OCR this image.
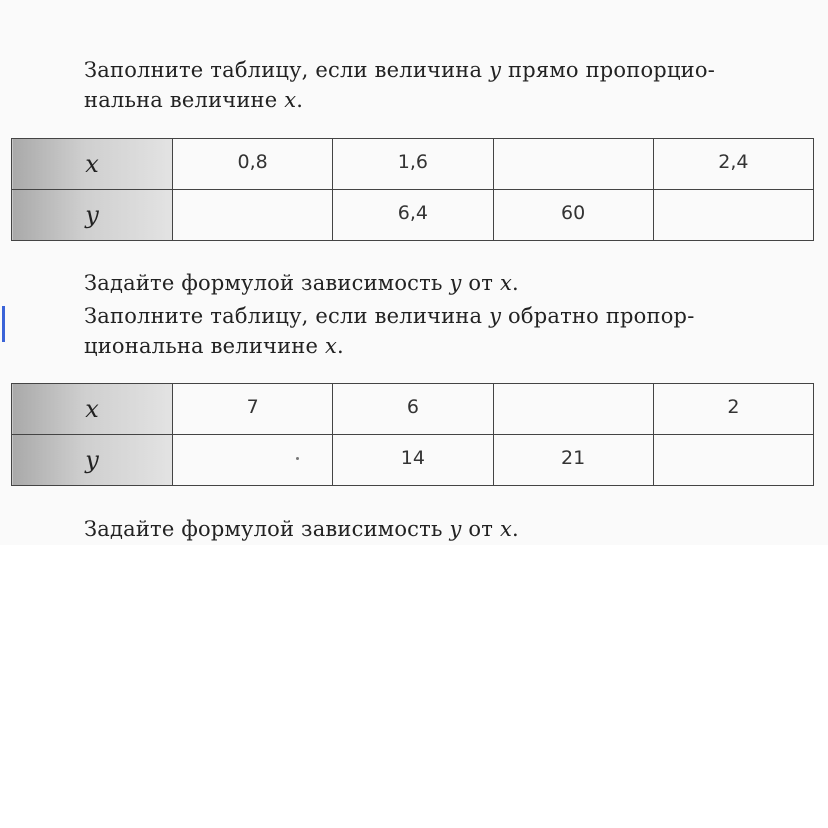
Заполните таблицу, если величина y прямо пропорцио-
нальна величине x.
x	0,8	1,6		2,4
y		6,4	60	
Задайте формулой зависимость y от x.
Заполните таблицу, если величина y обратно пропор-
циональна величине x.
x	7	6		2
y		14	21	
Задайте формулой зависимость y от x.
